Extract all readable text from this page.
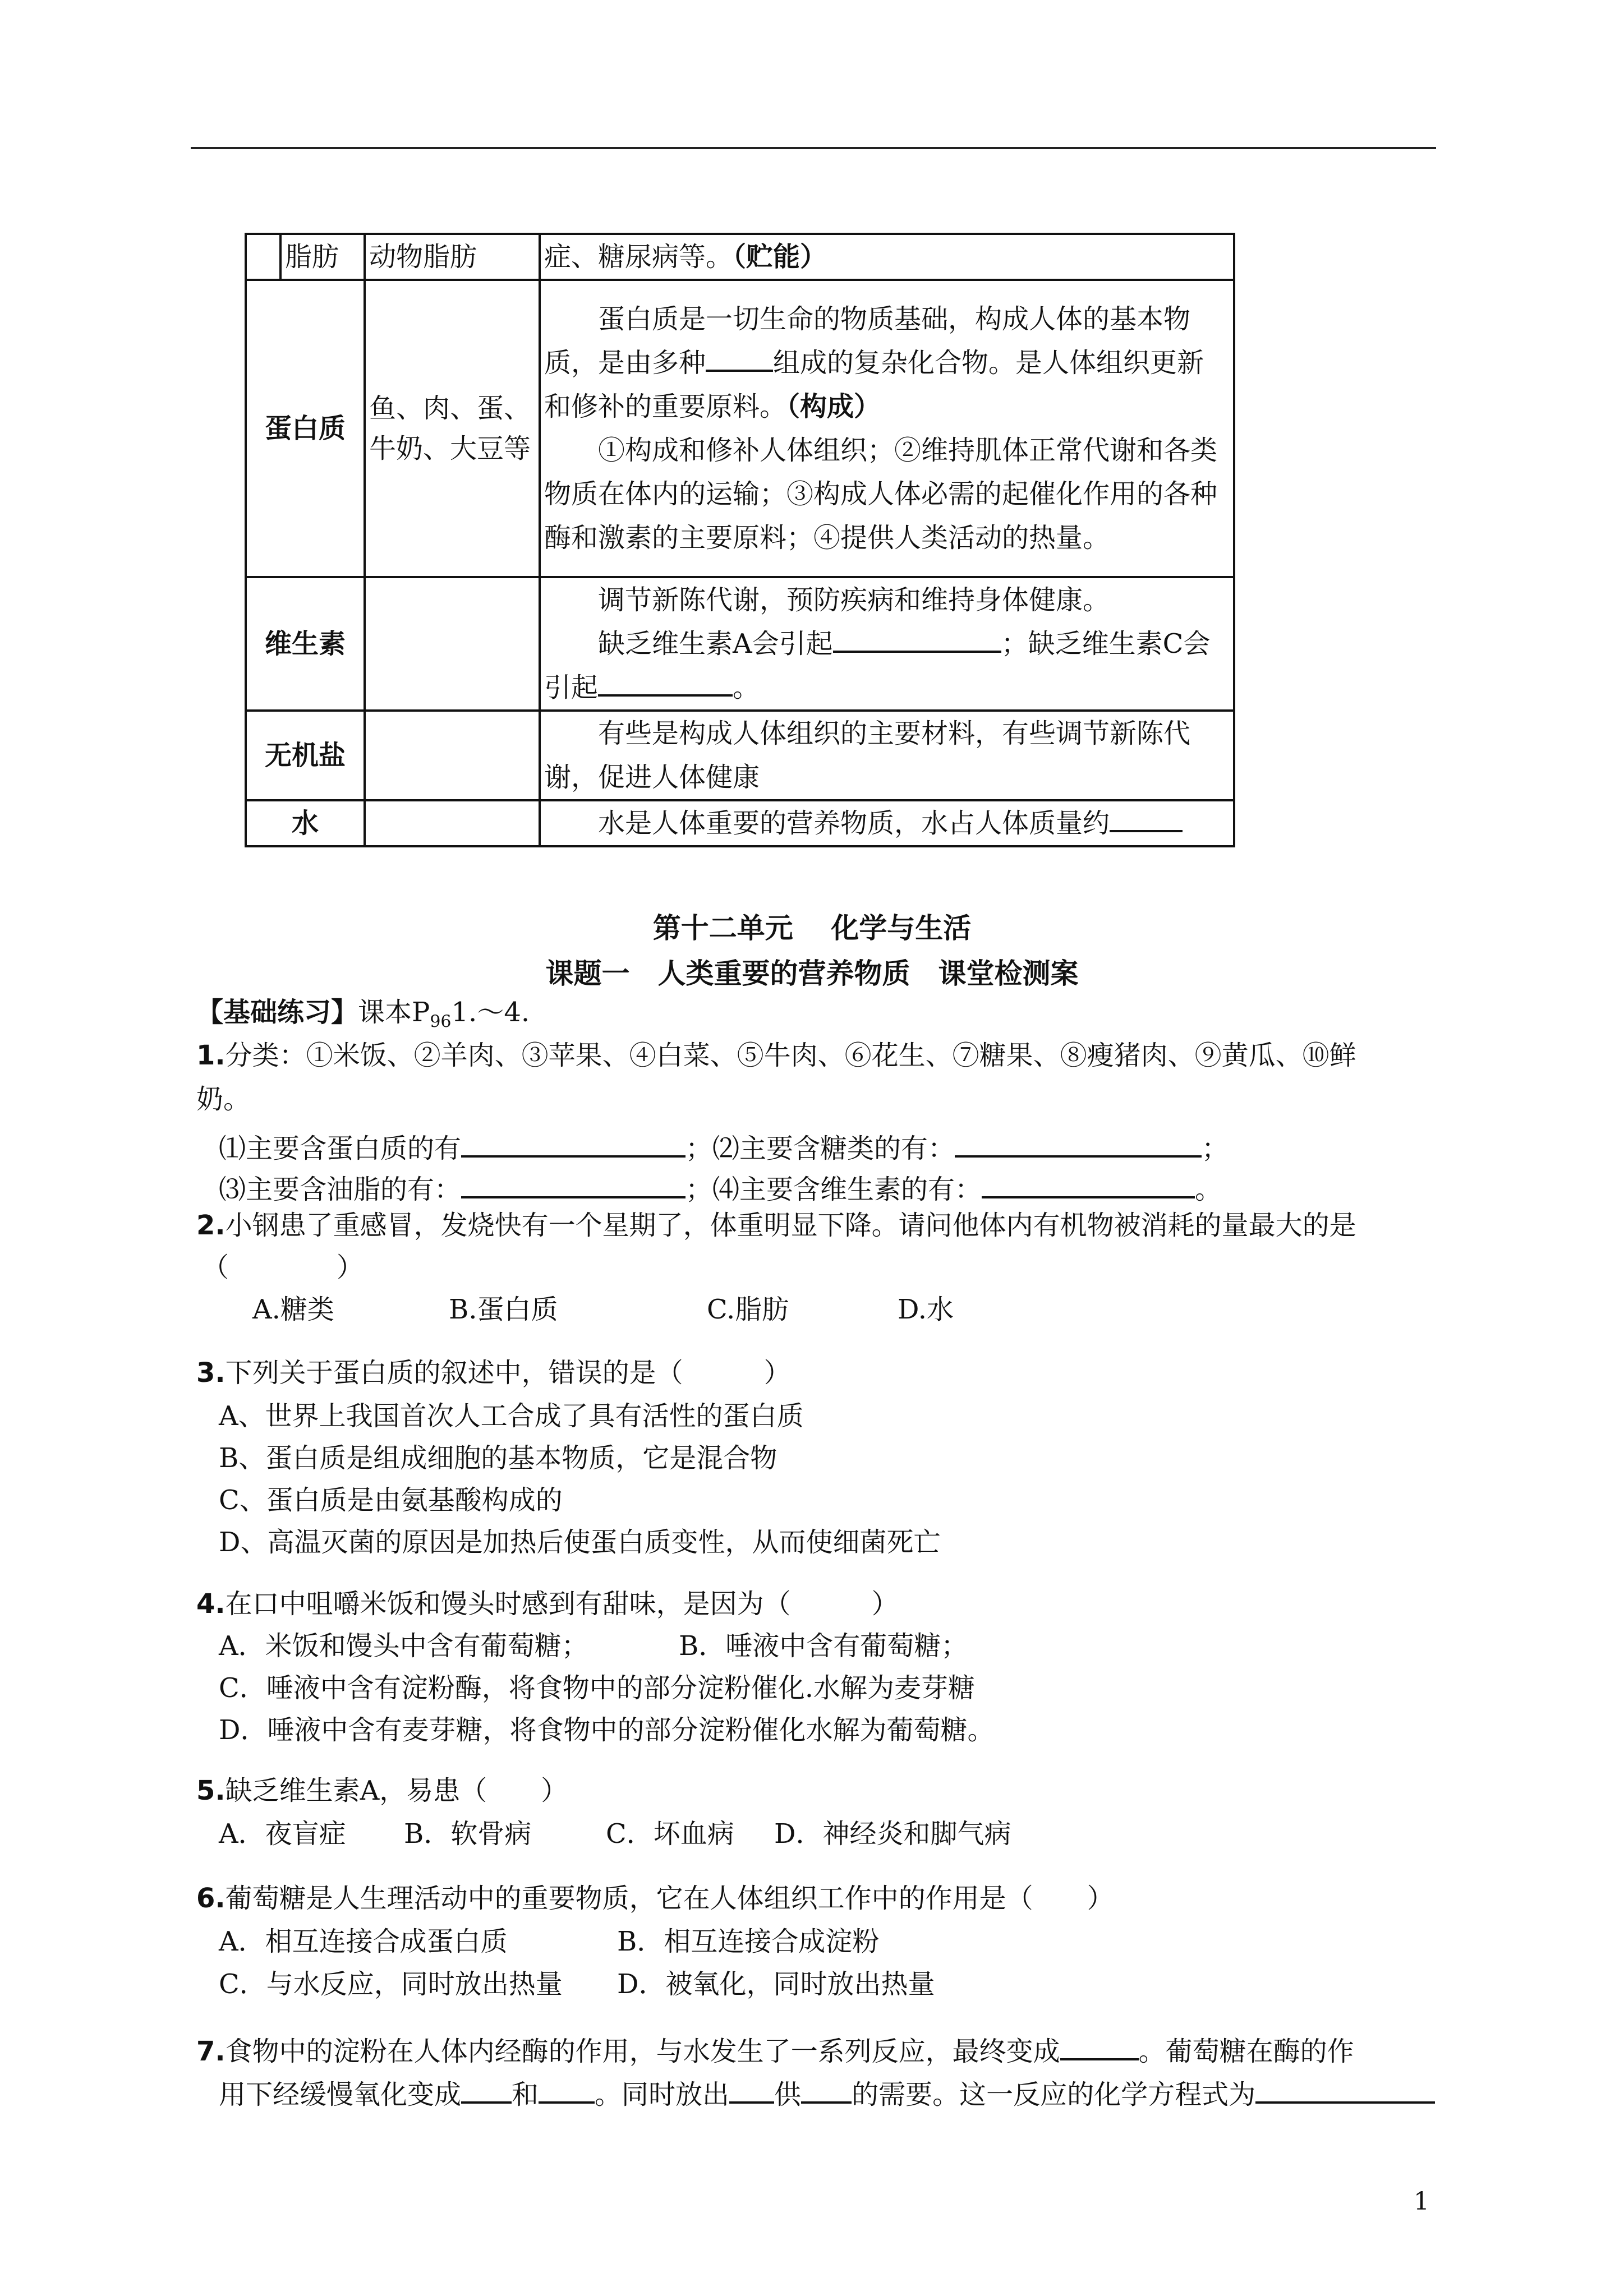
	脂肪	动物脂肪	症、糖尿病等。（贮能）
蛋白质		鱼、肉、蛋、牛奶、大豆等	蛋白质是一切生命的物质基础，构成人体的基本物质，是由多种 组成的复杂化合物。是人体组织更新和修补的重要原料。（构成）

①构成和修补人体组织；②维持肌体正常代谢和各类物质在体内的运输；③构成人体必需的起催化作用的各种酶和激素的主要原料；④提供人类活动的热量。

维生素			调节新陈代谢，预防疾病和维持身体健康。

缺乏维生素A会引起 ；缺乏维生素C会引起 。

无机盐			有些是构成人体组织的主要材料，有些调节新陈代谢，促进人体健康

水			水是人体重要的营养物质，水占人体质量约

第十二单元　 化学与生活
课题一　人类重要的营养物质　课堂检测案
【基础练习】课本$P_{96}1.\sim 4$.
1.分类：①米饭、②羊肉、③苹果、④白菜、⑤牛肉、⑥花生、⑦糖果、⑧瘦猪肉、⑨黄瓜、⑩鲜
奶。
⑴主要含蛋白质的有	；⑵主要含糖类的有：	；
⑶主要含油脂的有：	；⑷主要含维生素的有：	。
2.小钢患了重感冒，发烧快有一个星期了，体重明显下降。请问他体内有机物被消耗的量最大的是
（　　　　）
A.糖类	B.蛋白质	C.脂肪	D.水
3.下列关于蛋白质的叙述中，错误的是（　　　）
A、世界上我国首次人工合成了具有活性的蛋白质
B、蛋白质是组成细胞的基本物质，它是混合物
C、蛋白质是由氨基酸构成的
D、高温灭菌的原因是加热后使蛋白质变性，从而使细菌死亡
4.在口中咀嚼米饭和馒头时感到有甜味，是因为（　　　）
A．米饭和馒头中含有葡萄糖；	B．唾液中含有葡萄糖；
C．唾液中含有淀粉酶，将食物中的部分淀粉催化.水解为麦芽糖
D．唾液中含有麦芽糖，将食物中的部分淀粉催化水解为葡萄糖。
5.缺乏维生素A，易患（　　）
A．夜盲症 B．软骨病	C．坏血病 D．神经炎和脚气病
6.葡萄糖是人生理活动中的重要物质，它在人体组织工作中的作用是（　　）
A．相互连接合成蛋白质	B．相互连接合成淀粉
C．与水反应，同时放出热量 D．被氧化，同时放出热量
7.食物中的淀粉在人体内经酶的作用，与水发生了一系列反应，最终变成	。葡萄糖在酶的作
用下经缓慢氧化变成 和 。同时放出 供 的需要。这一反应的化学方程式为
1
